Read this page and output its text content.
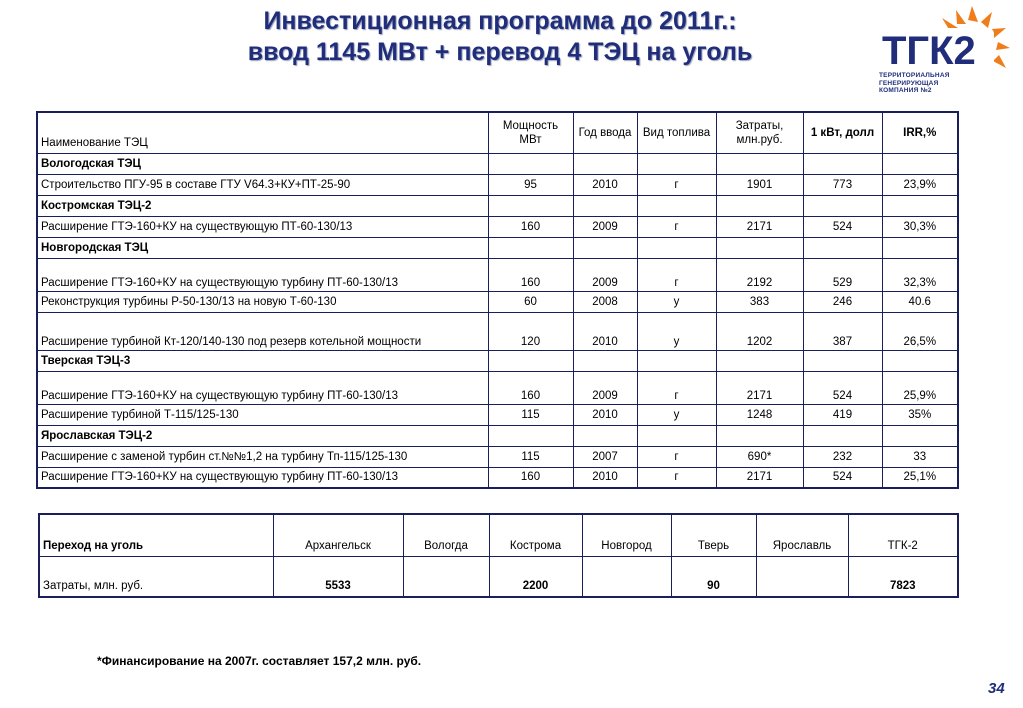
Инвестиционная программа до 2011г.:
ввод 1145 МВт + перевод 4 ТЭЦ на уголь	ТГК2
ТЕРРИТОРИАЛЬНАЯ
ГЕНЕРИРУЮЩАЯ
КОМПАНИЯ №2
Наименование ТЭЦ	Мощность МВт	Год ввода	Вид топлива	Затраты, млн.руб.	1 кВт, долл	IRR,%
Вологодская ТЭЦ						
Строительство ПГУ-95 в составе ГТУ V64.3+КУ+ПТ-25-90	95	2010	г	1901	773	23,9%
Костромская ТЭЦ-2						
Расширение ГТЭ-160+КУ на существующую ПТ-60-130/13	160	2009	г	2171	524	30,3%
Новгородская ТЭЦ						
Расширение ГТЭ-160+КУ на существующую турбину ПТ-60-130/13	160	2009	г	2192	529	32,3%
Реконструкция турбины Р-50-130/13 на новую Т-60-130	60	2008	у	383	246	40.6
Расширение турбиной Кт-120/140-130 под резерв котельной мощности	120	2010	у	1202	387	26,5%
Тверская ТЭЦ-3						
Расширение ГТЭ-160+КУ на существующую турбину ПТ-60-130/13	160	2009	г	2171	524	25,9%
Расширение турбиной Т-115/125-130	115	2010	у	1248	419	35%
Ярославская ТЭЦ-2						
Расширение с заменой турбин ст.№№1,2 на турбину Тп-115/125-130	115	2007	г	690*	232	33
Расширение ГТЭ-160+КУ на существующую турбину ПТ-60-130/13	160	2010	г	2171	524	25,1%
Переход на уголь	Архангельск	Вологда	Кострома	Новгород	Тверь	Ярославль	ТГК-2
Затраты, млн. руб.	5533		2200		90		7823
*Финансирование на 2007г. составляет 157,2 млн. руб.
34
